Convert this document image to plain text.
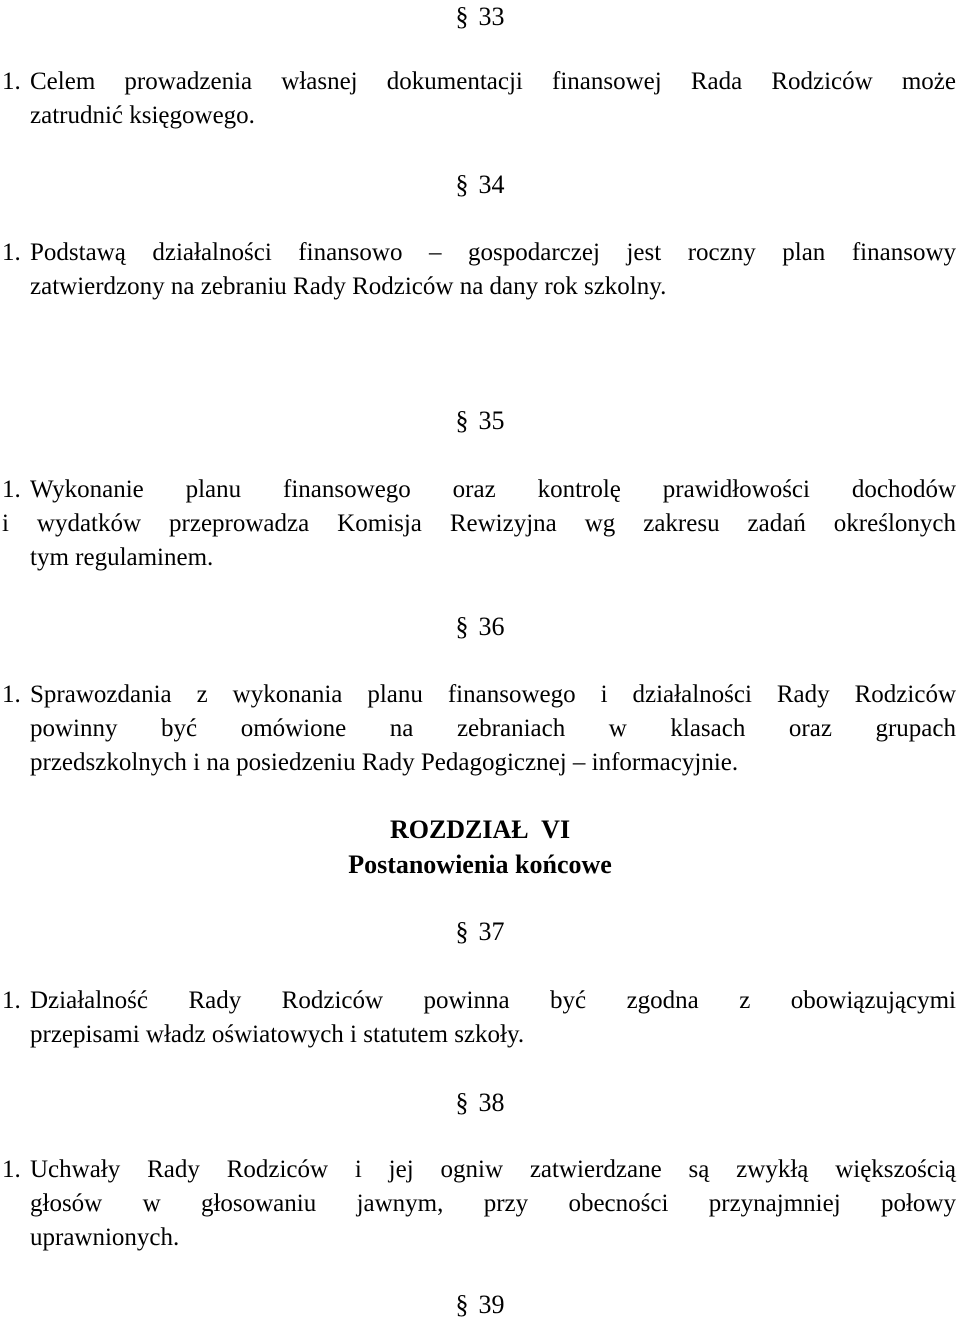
§ 33
1. Celem prowadzenia własnej dokumentacji finansowej Rada Rodziców może
zatrudnić księgowego.
§ 34
1. Podstawą działalności finansowo – gospodarczej jest roczny plan finansowy
zatwierdzony na zebraniu Rady Rodziców na dany rok szkolny.
§ 35
1. Wykonanie planu finansowego oraz kontrolę prawidłowości dochodów
i wydatków przeprowadza Komisja Rewizyjna wg zakresu zadań określonych
tym regulaminem.
§ 36
1. Sprawozdania z wykonania planu finansowego i działalności Rady Rodziców
powinny być omówione na zebraniach w klasach oraz grupach
przedszkolnych i na posiedzeniu Rady Pedagogicznej – informacyjnie.
ROZDZIAŁ  VI
Postanowienia końcowe
§ 37
1. Działalność Rady Rodziców powinna być zgodna z obowiązującymi
przepisami władz oświatowych i statutem szkoły.
§ 38
1. Uchwały Rady Rodziców i jej ogniw zatwierdzane są zwykłą większością
głosów w głosowaniu jawnym, przy obecności przynajmniej połowy
uprawnionych.
§ 39
